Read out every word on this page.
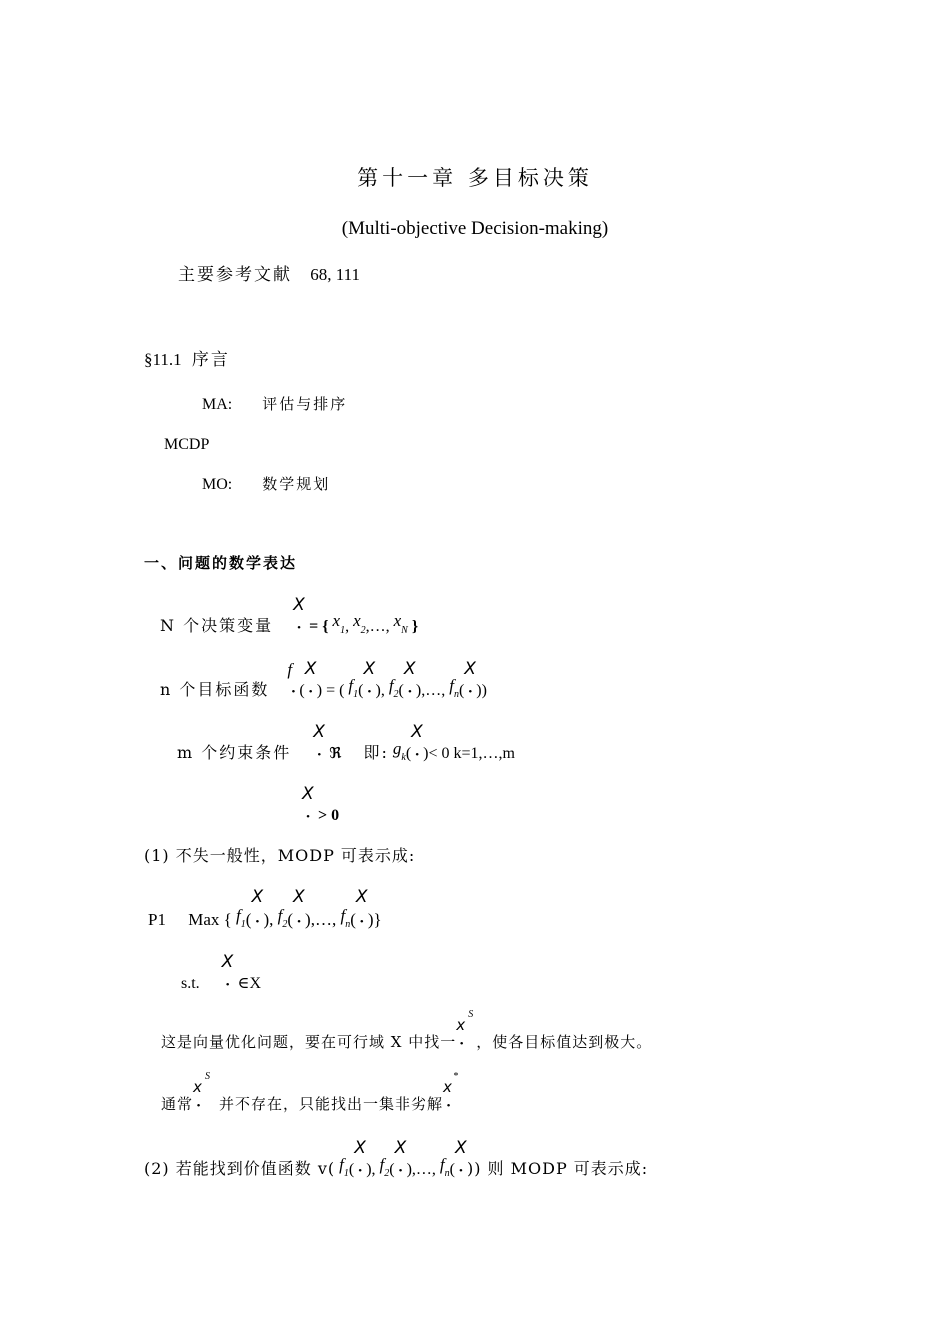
第十一章 多目标决策
(Multi-objective Decision-making)
主要参考文献 68, 111
§11.1 序言
MA: 评估与排序
MCDP
MO: 数学规划
一、问题的数学表达
N 个决策变量
X
• = { x1, x2,…, xN }
n 个目标函数
f
• (
X
• ) = ( f1(
X
• ), f2(
X
• ),…, fn(
X
• ))
m 个约束条件
X
• ℜ 即: gk(
X
• )< 0 k=1,…,m
X
• > 0
(1) 不失一般性，MODP 可表示成:
P1 Max { f1(
X
• ), f2(
X
• ),…, fn(
X
• )}
s.t.
X
• ∈X
这是向量优化问题，要在可行域 X 中找一
x
S
• ，使各目标值达到极大。
通常
x
S
• 并不存在，只能找出一集非劣解
x
*
•
(2) 若能找到价值函数 v( f1(
X
• ), f2(
X
• ),…, fn(
X
• )) 则 MODP 可表示成:
